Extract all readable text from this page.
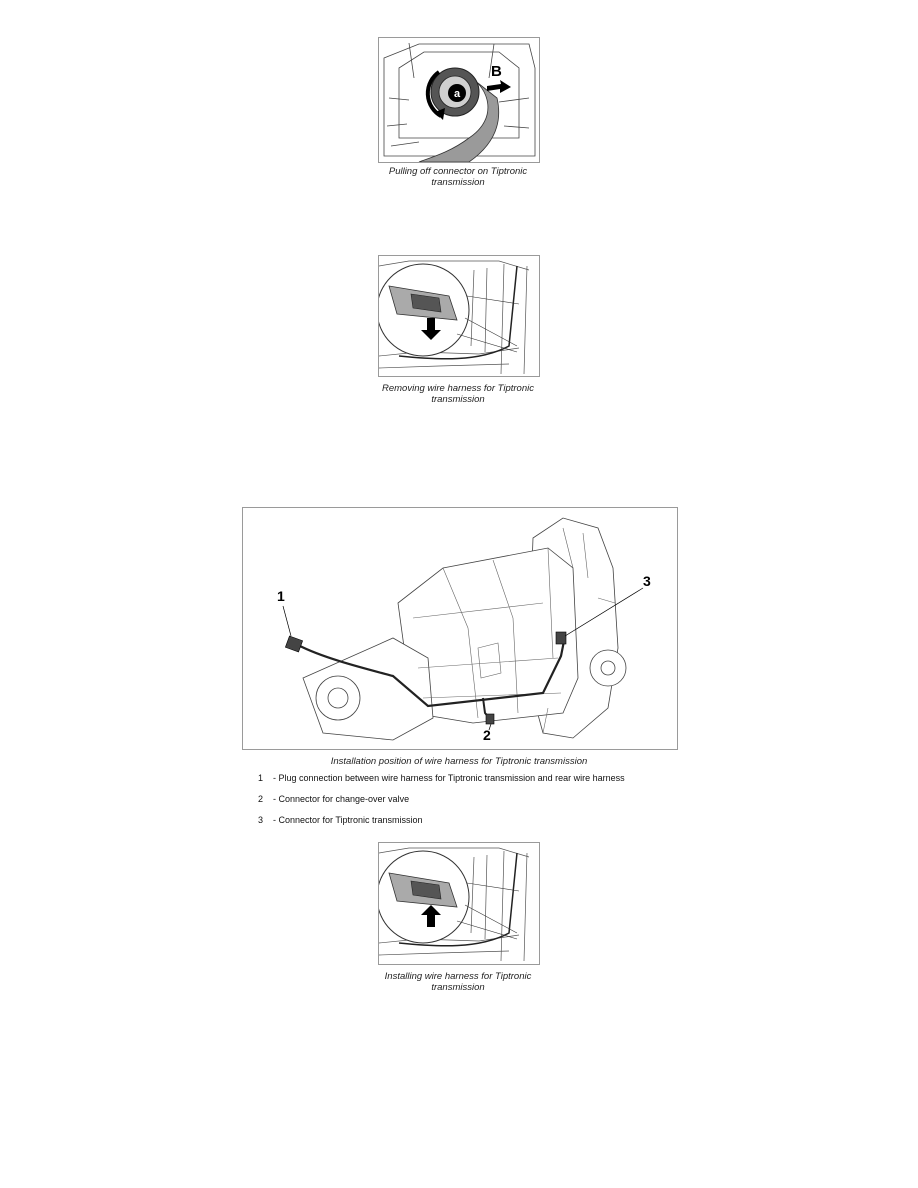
a
B
Pulling off connector on Tiptronic transmission
Removing wire harness for Tiptronic transmission
1
2
3
Installation position of wire harness for Tiptronic transmission
1	- Plug connection between wire harness for Tiptronic transmission and rear wire harness
2	- Connector for change-over valve
3	- Connector for Tiptronic transmission
Installing wire harness for Tiptronic transmission
